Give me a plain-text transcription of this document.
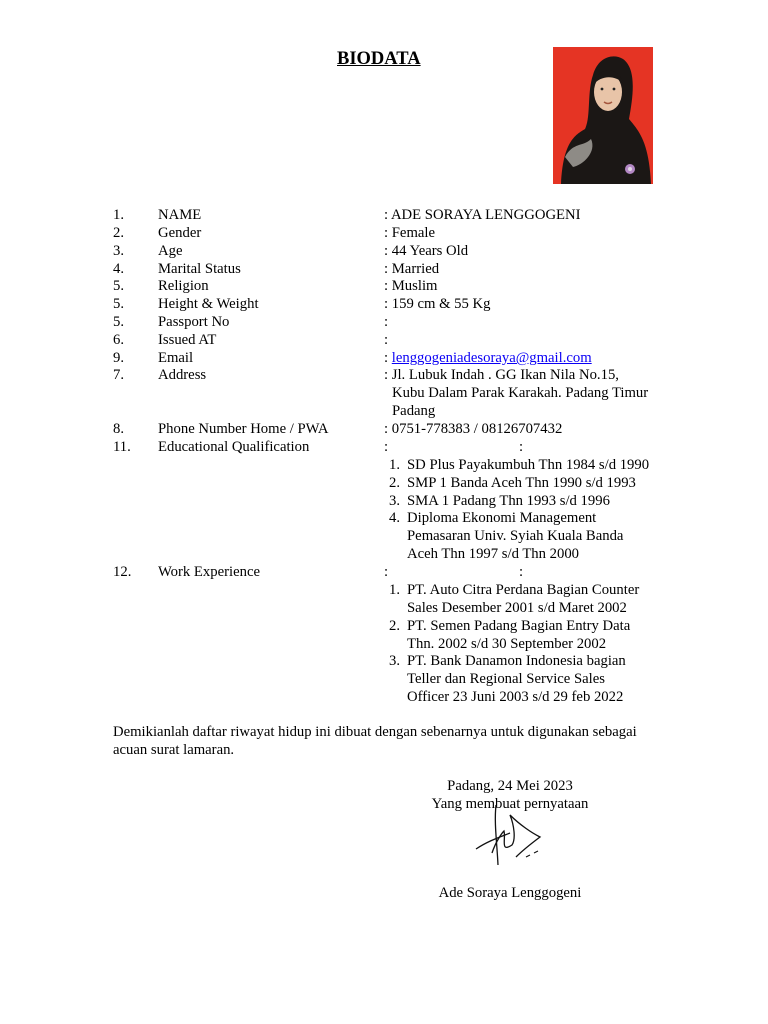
BIODATA
1. NAME	: ADE SORAYA LENGGOGENI
2. Gender	: Female
3. Age	: 44 Years Old
4. Marital Status	: Married
5. Religion	: Muslim
5. Height & Weight	: 159 cm & 55 Kg
5. Passport No	:
6. Issued AT	:
9. Email	: lenggogeniadesoraya@gmail.com
7. Address	: Jl. Lubuk Indah . GG Ikan Nila No.15,
Kubu Dalam Parak Karakah. Padang Timur
Padang
8. Phone Number Home / PWA	: 0751-778383 / 08126707432
11. Educational Qualification	:	:
1. SD Plus Payakumbuh Thn 1984 s/d 1990
2. SMP 1 Banda Aceh Thn 1990 s/d 1993
3. SMA 1 Padang Thn 1993 s/d 1996
4. Diploma Ekonomi Management
Pemasaran Univ. Syiah Kuala Banda
Aceh Thn 1997 s/d Thn 2000
12. Work Experience	:	:
1. PT. Auto Citra Perdana Bagian Counter
Sales Desember 2001 s/d Maret 2002
2. PT. Semen Padang Bagian Entry Data
Thn. 2002 s/d 30 September 2002
3. PT. Bank Danamon Indonesia bagian
Teller dan Regional Service Sales
Officer 23 Juni 2003 s/d 29 feb 2022
Demikianlah daftar riwayat hidup ini dibuat dengan sebenarnya untuk digunakan sebagai acuan surat lamaran.
Padang, 24 Mei 2023
Yang membuat pernyataan
Ade Soraya Lenggogeni
